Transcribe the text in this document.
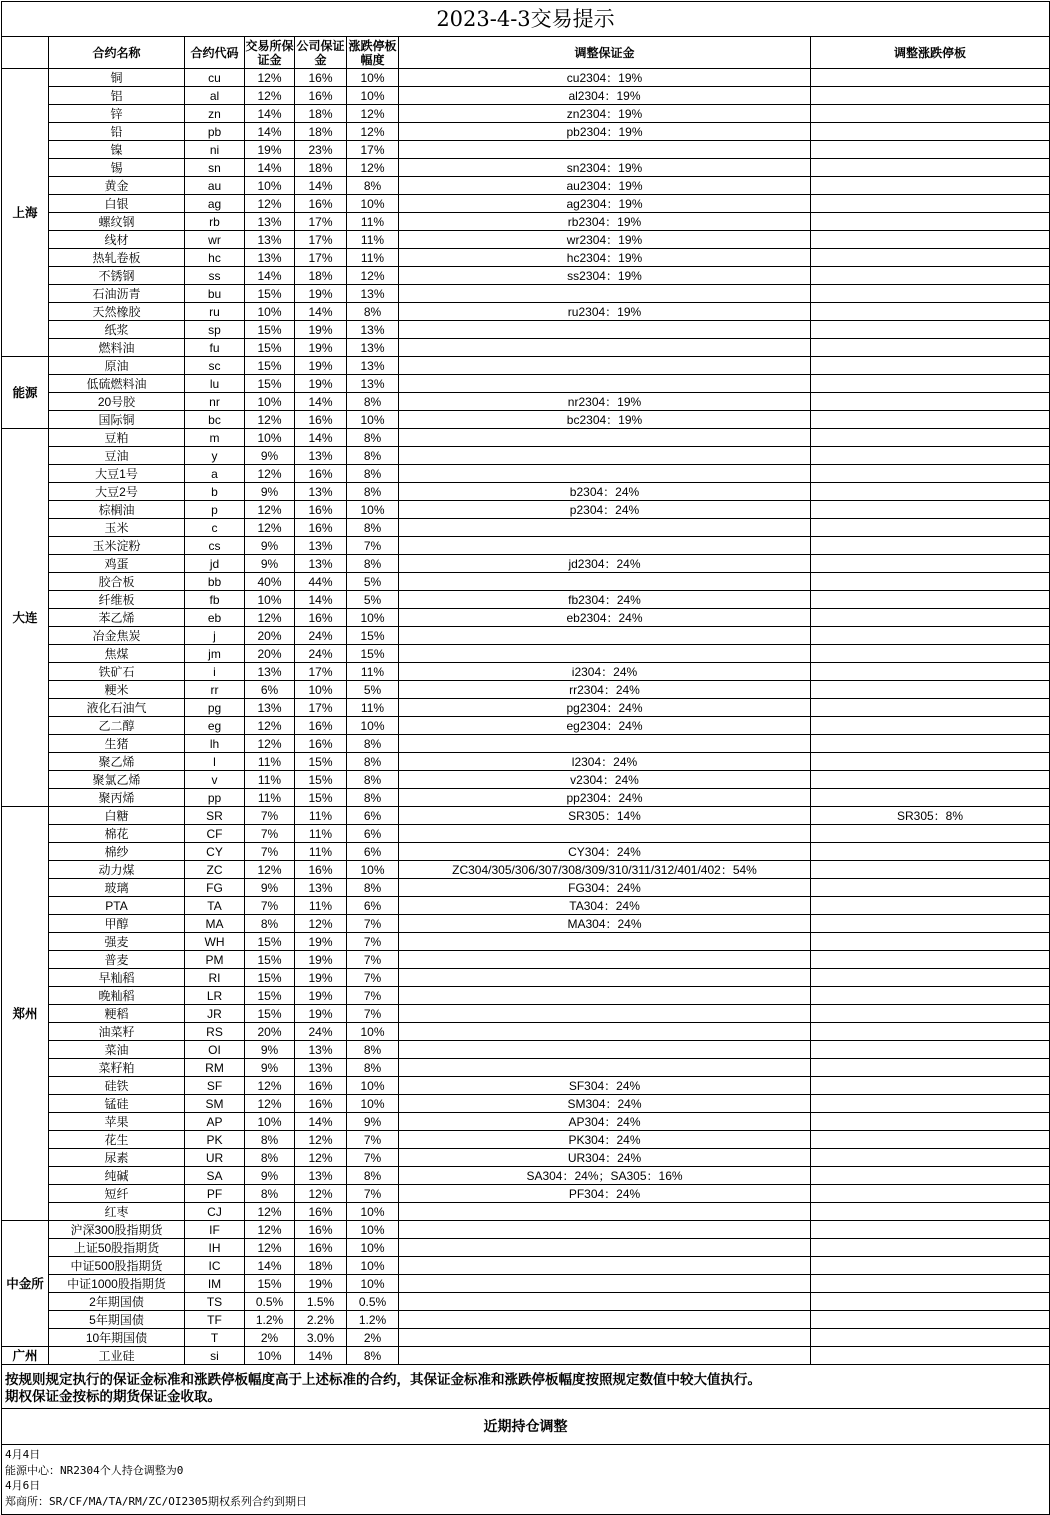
2023-4-3交易提示
	合约名称	合约代码	交易所保证金	公司保证金	涨跌停板幅度	调整保证金	调整涨跌停板
上海	铜	cu	12%	16%	10%	cu2304：19%	
	铝	al	12%	16%	10%	al2304：19%	
	锌	zn	14%	18%	12%	zn2304：19%	
	铅	pb	14%	18%	12%	pb2304：19%	
	镍	ni	19%	23%	17%		
	锡	sn	14%	18%	12%	sn2304：19%	
	黄金	au	10%	14%	8%	au2304：19%	
	白银	ag	12%	16%	10%	ag2304：19%	
	螺纹钢	rb	13%	17%	11%	rb2304：19%	
	线材	wr	13%	17%	11%	wr2304：19%	
	热轧卷板	hc	13%	17%	11%	hc2304：19%	
	不锈钢	ss	14%	18%	12%	ss2304：19%	
	石油沥青	bu	15%	19%	13%		
	天然橡胶	ru	10%	14%	8%	ru2304：19%	
	纸浆	sp	15%	19%	13%		
	燃料油	fu	15%	19%	13%		
能源	原油	sc	15%	19%	13%		
	低硫燃料油	lu	15%	19%	13%		
	20号胶	nr	10%	14%	8%	nr2304：19%	
	国际铜	bc	12%	16%	10%	bc2304：19%	
大连	豆粕	m	10%	14%	8%		
	豆油	y	9%	13%	8%		
	大豆1号	a	12%	16%	8%		
	大豆2号	b	9%	13%	8%	b2304：24%	
	棕榈油	p	12%	16%	10%	p2304：24%	
	玉米	c	12%	16%	8%		
	玉米淀粉	cs	9%	13%	7%		
	鸡蛋	jd	9%	13%	8%	jd2304：24%	
	胶合板	bb	40%	44%	5%		
	纤维板	fb	10%	14%	5%	fb2304：24%	
	苯乙烯	eb	12%	16%	10%	eb2304：24%	
	冶金焦炭	j	20%	24%	15%		
	焦煤	jm	20%	24%	15%		
	铁矿石	i	13%	17%	11%	i2304：24%	
	粳米	rr	6%	10%	5%	rr2304：24%	
	液化石油气	pg	13%	17%	11%	pg2304：24%	
	乙二醇	eg	12%	16%	10%	eg2304：24%	
	生猪	lh	12%	16%	8%		
	聚乙烯	l	11%	15%	8%	l2304：24%	
	聚氯乙烯	v	11%	15%	8%	v2304：24%	
	聚丙烯	pp	11%	15%	8%	pp2304：24%	
郑州	白糖	SR	7%	11%	6%	SR305：14%	SR305：8%
	棉花	CF	7%	11%	6%		
	棉纱	CY	7%	11%	6%	CY304：24%	
	动力煤	ZC	12%	16%	10%	ZC304/305/306/307/308/309/310/311/312/401/402：54%	
	玻璃	FG	9%	13%	8%	FG304：24%	
	PTA	TA	7%	11%	6%	TA304：24%	
	甲醇	MA	8%	12%	7%	MA304：24%	
	强麦	WH	15%	19%	7%		
	普麦	PM	15%	19%	7%		
	早籼稻	RI	15%	19%	7%		
	晚籼稻	LR	15%	19%	7%		
	粳稻	JR	15%	19%	7%		
	油菜籽	RS	20%	24%	10%		
	菜油	OI	9%	13%	8%		
	菜籽粕	RM	9%	13%	8%		
	硅铁	SF	12%	16%	10%	SF304：24%	
	锰硅	SM	12%	16%	10%	SM304：24%	
	苹果	AP	10%	14%	9%	AP304：24%	
	花生	PK	8%	12%	7%	PK304：24%	
	尿素	UR	8%	12%	7%	UR304：24%	
	纯碱	SA	9%	13%	8%	SA304：24%；SA305：16%	
	短纤	PF	8%	12%	7%	PF304：24%	
	红枣	CJ	12%	16%	10%		
中金所	沪深300股指期货	IF	12%	16%	10%		
	上证50股指期货	IH	12%	16%	10%		
	中证500股指期货	IC	14%	18%	10%		
	中证1000股指期货	IM	15%	19%	10%		
	2年期国债	TS	0.5%	1.5%	0.5%		
	5年期国债	TF	1.2%	2.2%	1.2%		
	10年期国债	T	2%	3.0%	2%		
广州	工业硅	si	10%	14%	8%		
按规则规定执行的保证金标准和涨跌停板幅度高于上述标准的合约，其保证金标准和涨跌停板幅度按照规定数值中较大值执行。
期权保证金按标的期货保证金收取。
近期持仓调整
4月4日
能源中心：NR2304个人持仓调整为0
4月6日
郑商所：SR/CF/MA/TA/RM/ZC/OI2305期权系列合约到期日
